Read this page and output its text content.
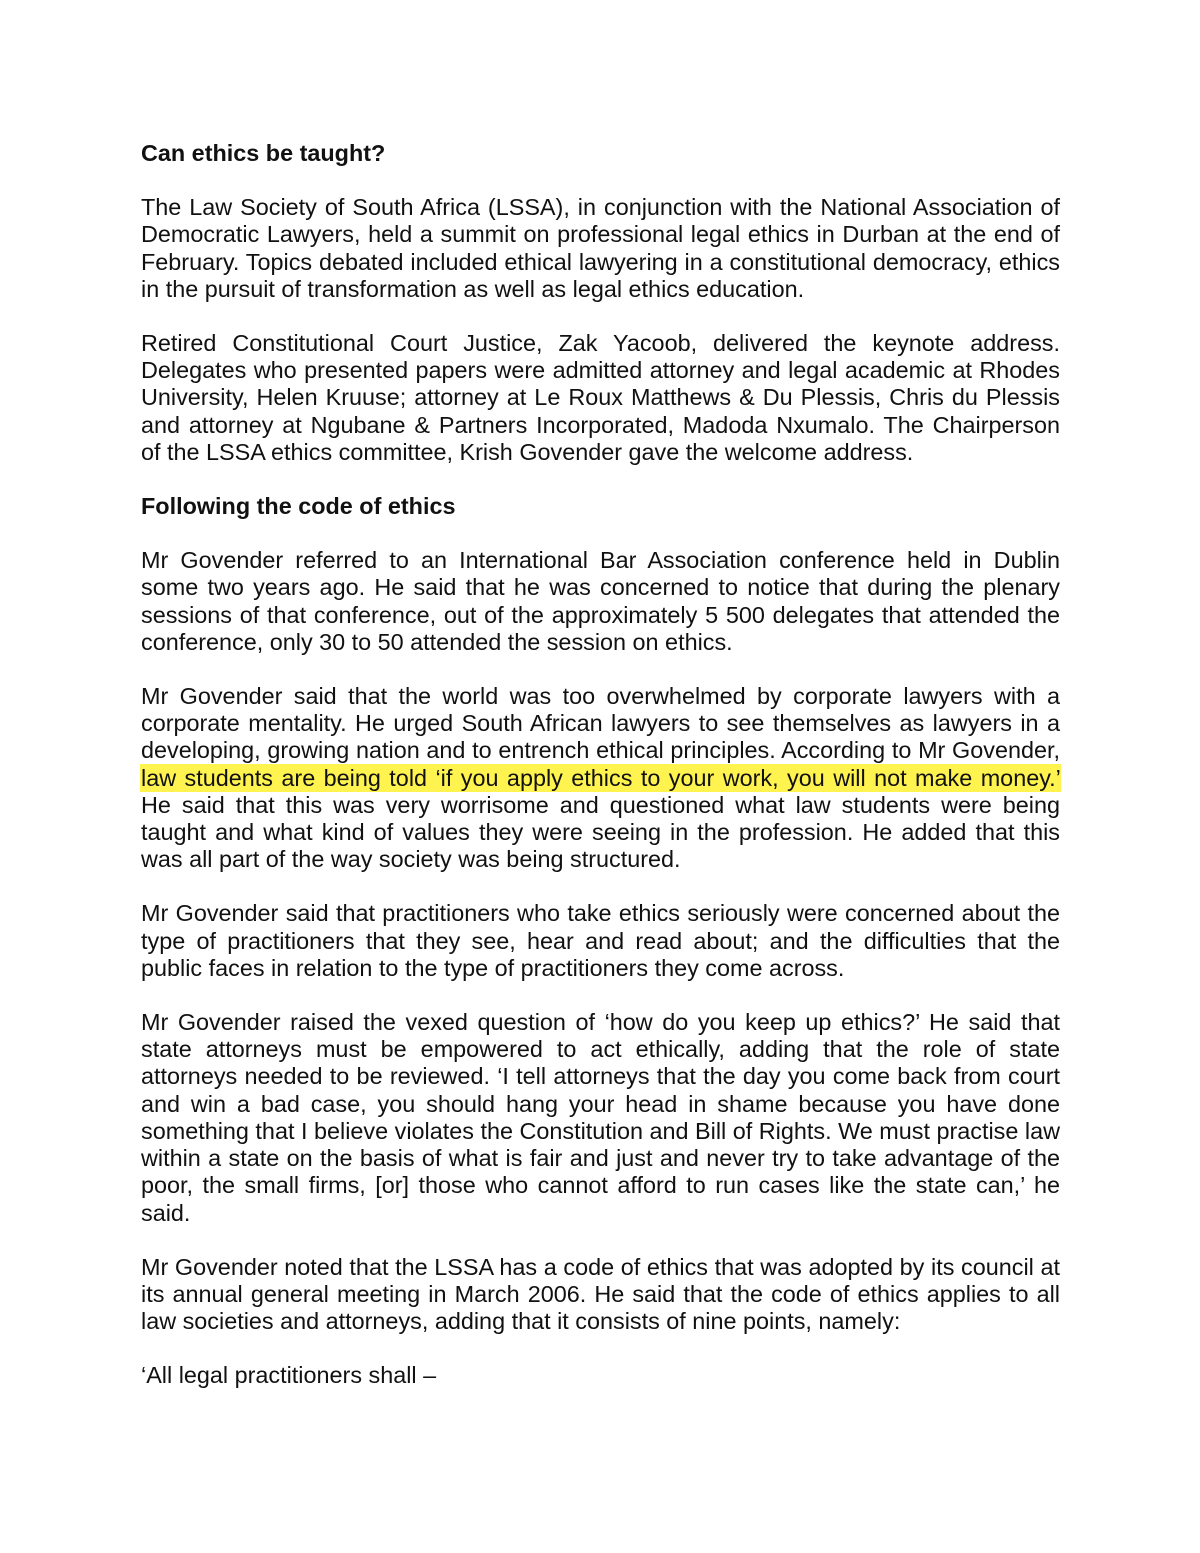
Can ethics be taught?

The Law Society of South Africa (LSSA), in conjunction with the National Association of Democratic Lawyers, held a summit on professional legal ethics in Durban at the end of February. Topics debated included ethical lawyering in a constitutional democracy, ethics in the pursuit of transformation as well as legal ethics education.

Retired Constitutional Court Justice, Zak Yacoob, delivered the keynote address. Delegates who presented papers were admitted attorney and legal academic at Rhodes University, Helen Kruuse; attorney at Le Roux Matthews & Du Plessis, Chris du Plessis and attorney at Ngubane & Partners Incorporated, Madoda Nxumalo. The Chairperson of the LSSA ethics committee, Krish Govender gave the welcome address.

Following the code of ethics

Mr Govender referred to an International Bar Association conference held in Dublin some two years ago. He said that he was concerned to notice that during the plenary sessions of that conference, out of the approximately 5 500 delegates that attended the conference, only 30 to 50 attended the session on ethics.

Mr Govender said that the world was too overwhelmed by corporate lawyers with a corporate mentality. He urged South African lawyers to see themselves as lawyers in a developing, growing nation and to entrench ethical principles. According to Mr Govender, law students are being told ‘if you apply ethics to your work, you will not make money.’ He said that this was very worrisome and questioned what law students were being taught and what kind of values they were seeing in the profession. He added that this was all part of the way society was being structured.

Mr Govender said that practitioners who take ethics seriously were concerned about the type of practitioners that they see, hear and read about; and the difficulties that the public faces in relation to the type of practitioners they come across.

Mr Govender raised the vexed question of ‘how do you keep up ethics?’ He said that state attorneys must be empowered to act ethically, adding that the role of state attorneys needed to be reviewed. ‘I tell attorneys that the day you come back from court and win a bad case, you should hang your head in shame because you have done something that I believe violates the Constitution and Bill of Rights. We must practise law within a state on the basis of what is fair and just and never try to take advantage of the poor, the small firms, [or] those who cannot afford to run cases like the state can,’ he said.

Mr Govender noted that the LSSA has a code of ethics that was adopted by its council at its annual general meeting in March 2006. He said that the code of ethics applies to all law societies and attorneys, adding that it consists of nine points, namely:

‘All legal practitioners shall –
